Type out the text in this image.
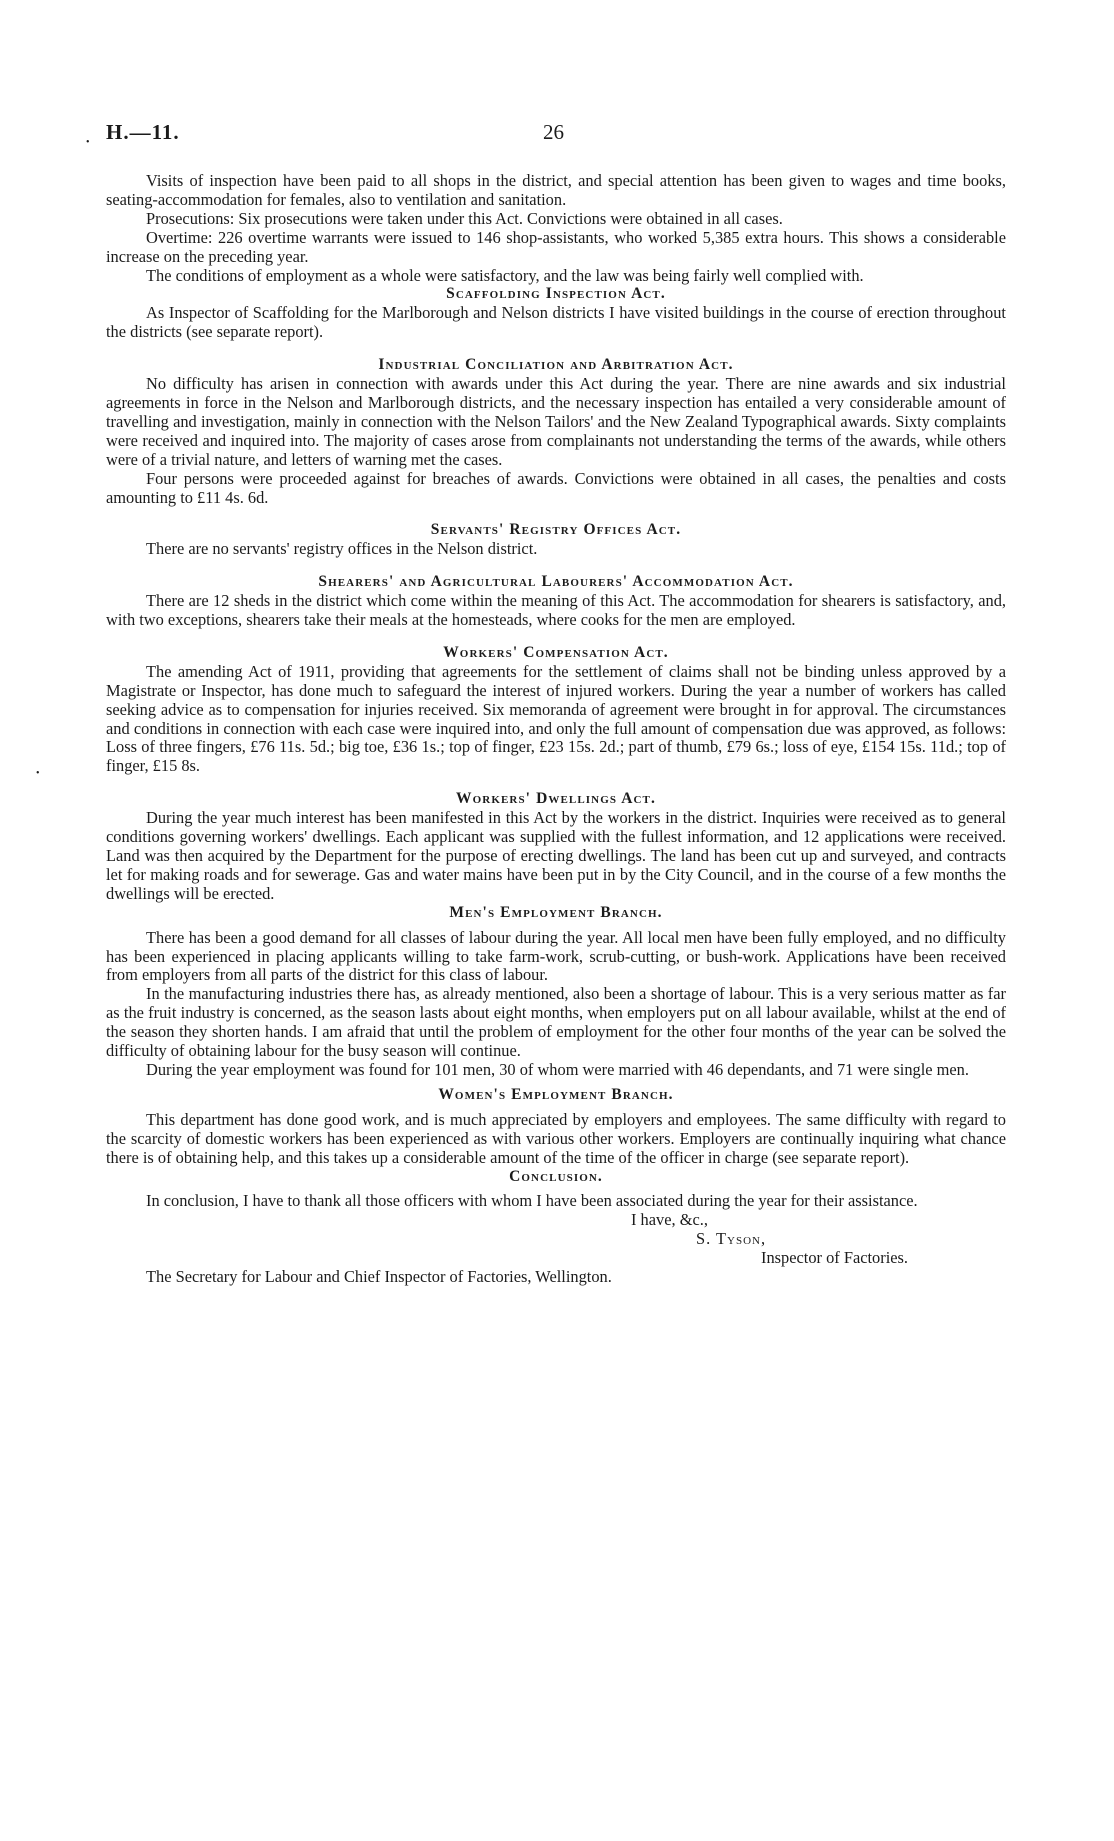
H.—11.	26

Visits of inspection have been paid to all shops in the district, and special attention has been given to wages and time books, seating-accommodation for females, also to ventilation and sanitation.

Prosecutions: Six prosecutions were taken under this Act. Convictions were obtained in all cases.

Overtime: 226 overtime warrants were issued to 146 shop-assistants, who worked 5,385 extra hours. This shows a considerable increase on the preceding year.

The conditions of employment as a whole were satisfactory, and the law was being fairly well complied with.

Scaffolding Inspection Act.

As Inspector of Scaffolding for the Marlborough and Nelson districts I have visited buildings in the course of erection throughout the districts (see separate report).

Industrial Conciliation and Arbitration Act.

No difficulty has arisen in connection with awards under this Act during the year. There are nine awards and six industrial agreements in force in the Nelson and Marlborough districts, and the necessary inspection has entailed a very considerable amount of travelling and investigation, mainly in connection with the Nelson Tailors' and the New Zealand Typographical awards. Sixty complaints were received and inquired into. The majority of cases arose from complainants not understanding the terms of the awards, while others were of a trivial nature, and letters of warning met the cases.

Four persons were proceeded against for breaches of awards. Convictions were obtained in all cases, the penalties and costs amounting to £11 4s. 6d.

Servants' Registry Offices Act.

There are no servants' registry offices in the Nelson district.

Shearers' and Agricultural Labourers' Accommodation Act.

There are 12 sheds in the district which come within the meaning of this Act. The accommodation for shearers is satisfactory, and, with two exceptions, shearers take their meals at the homesteads, where cooks for the men are employed.

Workers' Compensation Act.

The amending Act of 1911, providing that agreements for the settlement of claims shall not be binding unless approved by a Magistrate or Inspector, has done much to safeguard the interest of injured workers. During the year a number of workers has called seeking advice as to compensation for injuries received. Six memoranda of agreement were brought in for approval. The circumstances and conditions in connection with each case were inquired into, and only the full amount of compensation due was approved, as follows: Loss of three fingers, £76 11s. 5d.; big toe, £36 1s.; top of finger, £23 15s. 2d.; part of thumb, £79 6s.; loss of eye, £154 15s. 11d.; top of finger, £15 8s.

Workers' Dwellings Act.

During the year much interest has been manifested in this Act by the workers in the district. Inquiries were received as to general conditions governing workers' dwellings. Each applicant was supplied with the fullest information, and 12 applications were received. Land was then acquired by the Department for the purpose of erecting dwellings. The land has been cut up and surveyed, and contracts let for making roads and for sewerage. Gas and water mains have been put in by the City Council, and in the course of a few months the dwellings will be erected.

Men's Employment Branch.

There has been a good demand for all classes of labour during the year. All local men have been fully employed, and no difficulty has been experienced in placing applicants willing to take farm-work, scrub-cutting, or bush-work. Applications have been received from employers from all parts of the district for this class of labour.

In the manufacturing industries there has, as already mentioned, also been a shortage of labour. This is a very serious matter as far as the fruit industry is concerned, as the season lasts about eight months, when employers put on all labour available, whilst at the end of the season they shorten hands. I am afraid that until the problem of employment for the other four months of the year can be solved the difficulty of obtaining labour for the busy season will continue.

During the year employment was found for 101 men, 30 of whom were married with 46 dependants, and 71 were single men.

Women's Employment Branch.

This department has done good work, and is much appreciated by employers and employees. The same difficulty with regard to the scarcity of domestic workers has been experienced as with various other workers. Employers are continually inquiring what chance there is of obtaining help, and this takes up a considerable amount of the time of the officer in charge (see separate report).

Conclusion.

In conclusion, I have to thank all those officers with whom I have been associated during the year for their assistance.

I have, &c.,
S. Tyson,
Inspector of Factories.

The Secretary for Labour and Chief Inspector of Factories, Wellington.

•
•
